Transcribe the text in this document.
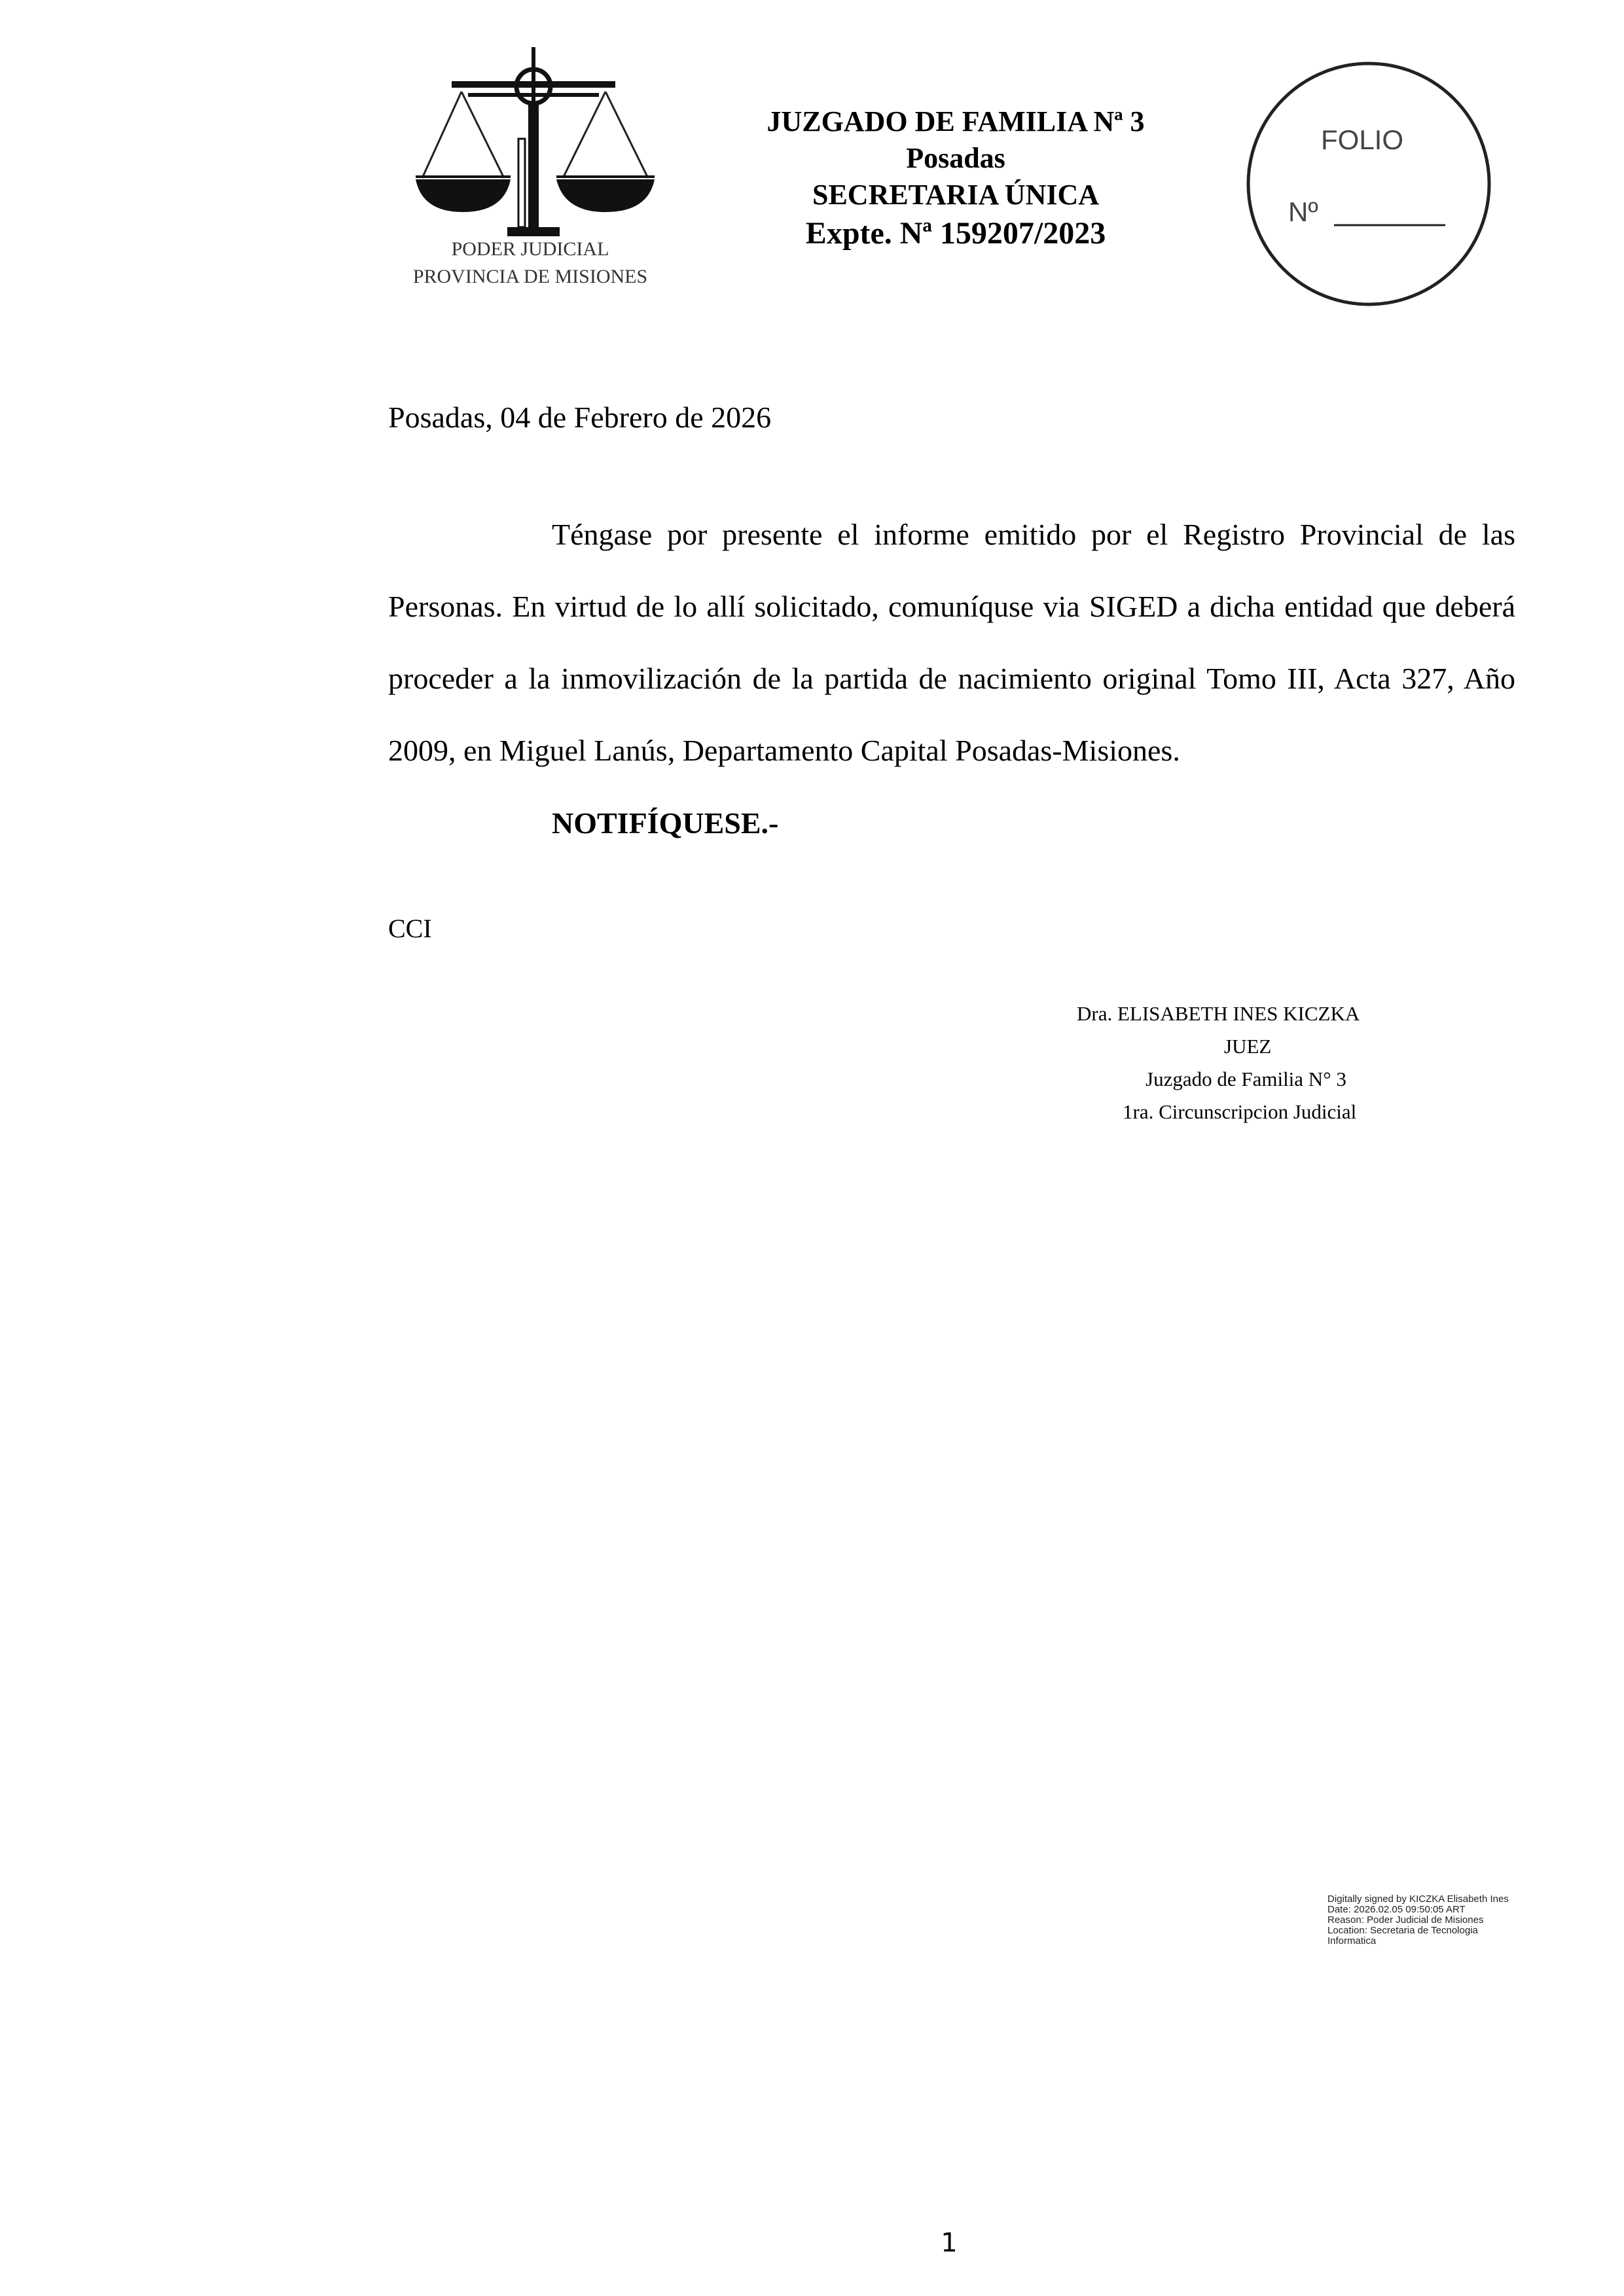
PODER JUDICIAL
PROVINCIA DE MISIONES
JUZGADO DE FAMILIA Nª 3
Posadas
SECRETARIA ÚNICA
Expte. Nª 159207/2023
FOLIO
Nº
Posadas, 04 de Febrero de 2026

Téngase por presente el informe emitido por el Registro Provincial de las Personas. En virtud de lo allí solicitado, comuníquse via SIGED a dicha entidad que deberá proceder a la inmovilización de la partida de nacimiento original Tomo III, Acta 327, Año 2009, en Miguel Lanús, Departamento Capital Posadas-Misiones.

NOTIFÍQUESE.-
CCI
Dra. ELISABETH INES KICZKA
JUEZ
Juzgado de Familia N° 3
1ra. Circunscripcion Judicial
Digitally signed by KICZKA Elisabeth Ines
Date: 2026.02.05 09:50:05 ART
Reason: Poder Judicial de Misiones
Location: Secretaria de Tecnologia
Informatica
1
